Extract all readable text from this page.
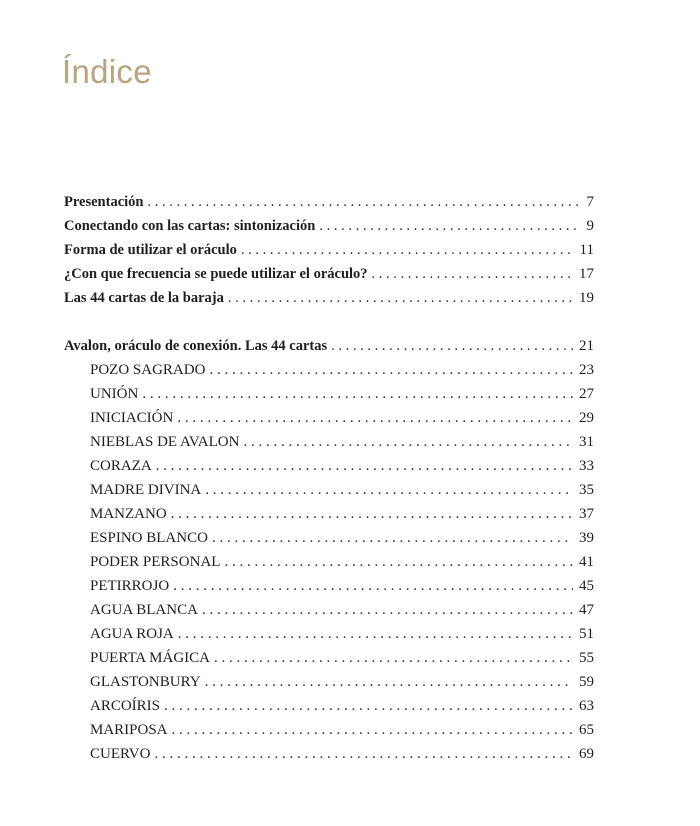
Índice
Presentación . . .	7
Conectando con las cartas: sintonización . . .	9
Forma de utilizar el oráculo . . .	11
¿Con que frecuencia se puede utilizar el oráculo? . . .	17
Las 44 cartas de la baraja . . .	19
Avalon, oráculo de conexión. Las 44 cartas . . .	21
POZO SAGRADO . . .	23
UNIÓN . . .	27
INICIACIÓN . . .	29
NIEBLAS DE AVALON . . .	31
CORAZA . . .	33
MADRE DIVINA . . .	35
MANZANO . . .	37
ESPINO BLANCO . . .	39
PODER PERSONAL . . .	41
PETIRROJO . . .	45
AGUA BLANCA . . .	47
AGUA ROJA . . .	51
PUERTA MÁGICA . . .	55
GLASTONBURY . . .	59
ARCOÍRIS . . .	63
MARIPOSA . . .	65
CUERVO . . .	69
